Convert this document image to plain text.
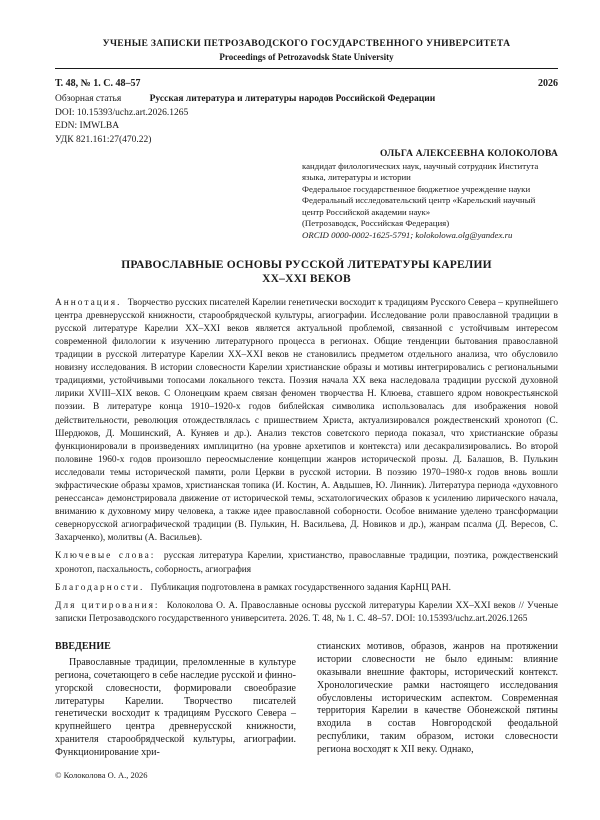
УЧЕНЫЕ ЗАПИСКИ ПЕТРОЗАВОДСКОГО ГОСУДАРСТВЕННОГО УНИВЕРСИТЕТА
Proceedings of Petrozavodsk State University
Т. 48, № 1. С. 48–57	2026
Обзорная статья	Русская литература и литературы народов Российской Федерации
DOI: 10.15393/uchz.art.2026.1265
EDN: IMWLBA
УДК 821.161:27(470.22)
ОЛЬГА АЛЕКСЕЕВНА КОЛОКОЛОВА
кандидат филологических наук, научный сотрудник Института языка, литературы и истории
Федеральное государственное бюджетное учреждение науки Федеральный исследовательский центр «Карельский научный центр Российской академии наук»
(Петрозаводск, Российская Федерация)
ORCID 0000-0002-1625-5791; kolokolowa.olg@yandex.ru
ПРАВОСЛАВНЫЕ ОСНОВЫ РУССКОЙ ЛИТЕРАТУРЫ КАРЕЛИИ
XX–XXI ВЕКОВ

Аннотация. Творчество русских писателей Карелии генетически восходит к традициям Русского Севера – крупнейшего центра древнерусской книжности, старообрядческой культуры, агиографии. Исследование роли православной традиции в русской литературе Карелии XX–XXI веков является актуальной проблемой, связанной с устойчивым интересом современной филологии к изучению литературного процесса в регионах. Общие тенденции бытования православной традиции в русской литературе Карелии XX–XXI веков не становились предметом отдельного анализа, что обусловило новизну исследования. В истории словесности Карелии христианские образы и мотивы интегрировались с региональными традициями, устойчивыми топосами локального текста. Поэзия начала XX века наследовала традиции русской духовной лирики XVIII–XIX веков. С Олонецким краем связан феномен творчества Н. Клюева, ставшего ядром новокрестьянской поэзии. В литературе конца 1910–1920-х годов библейская символика использовалась для изображения новой действительности, революция отождествлялась с пришествием Христа, актуализировался рождественский хронотоп (С. Шердюков, Д. Мошинский, А. Куняев и др.). Анализ текстов советского периода показал, что христианские образы функционировали в произведениях имплицитно (на уровне архетипов и контекста) или десакрализировались. Во второй половине 1960-х годов произошло переосмысление концепции жанров исторической прозы. Д. Балашов, В. Пулькин исследовали темы исторической памяти, роли Церкви в русской истории. В поэзию 1970–1980-х годов вновь вошли экфрастические образы храмов, христианская топика (И. Костин, А. Авдышев, Ю. Линник). Литература периода «духовного ренессанса» демонстрировала движение от исторической темы, эсхатологических образов к усилению лирического начала, вниманию к духовному миру человека, а также идее православной соборности. Особое внимание уделено трансформации севернорусской агиографической традиции (В. Пулькин, Н. Васильева, Д. Новиков и др.), жанрам псалма (Д. Вересов, С. Захарченко), молитвы (А. Васильев).

Ключевые слова: русская литература Карелии, христианство, православные традиции, поэтика, рождественский хронотоп, пасхальность, соборность, агиография

Благодарности. Публикация подготовлена в рамках государственного задания КарНЦ РАН.

Для цитирования: Колоколова О. А. Православные основы русской литературы Карелии XX–XXI веков // Ученые записки Петрозаводского государственного университета. 2026. Т. 48, № 1. С. 48–57. DOI: 10.15393/uchz.art.2026.1265

ВВЕДЕНИЕ

Православные традиции, преломленные в культуре региона, сочетающего в себе наследие русской и финно-угорской словесности, формировали своеобразие литературы Карелии. Творчество писателей генетически восходит к традициям Русского Севера – крупнейшего центра древнерусской книжности, хранителя старообрядческой культуры, агиографии. Функционирование хри-

стианских мотивов, образов, жанров на протяжении истории словесности не было единым: влияние оказывали внешние факторы, исторический контекст. Хронологические рамки настоящего исследования обусловлены историческим аспектом. Современная территория Карелии в качестве Обонежской пятины входила в состав Новгородской феодальной республики, таким образом, истоки словесности региона восходят к XII веку. Однако,

© Колоколова О. А., 2026
